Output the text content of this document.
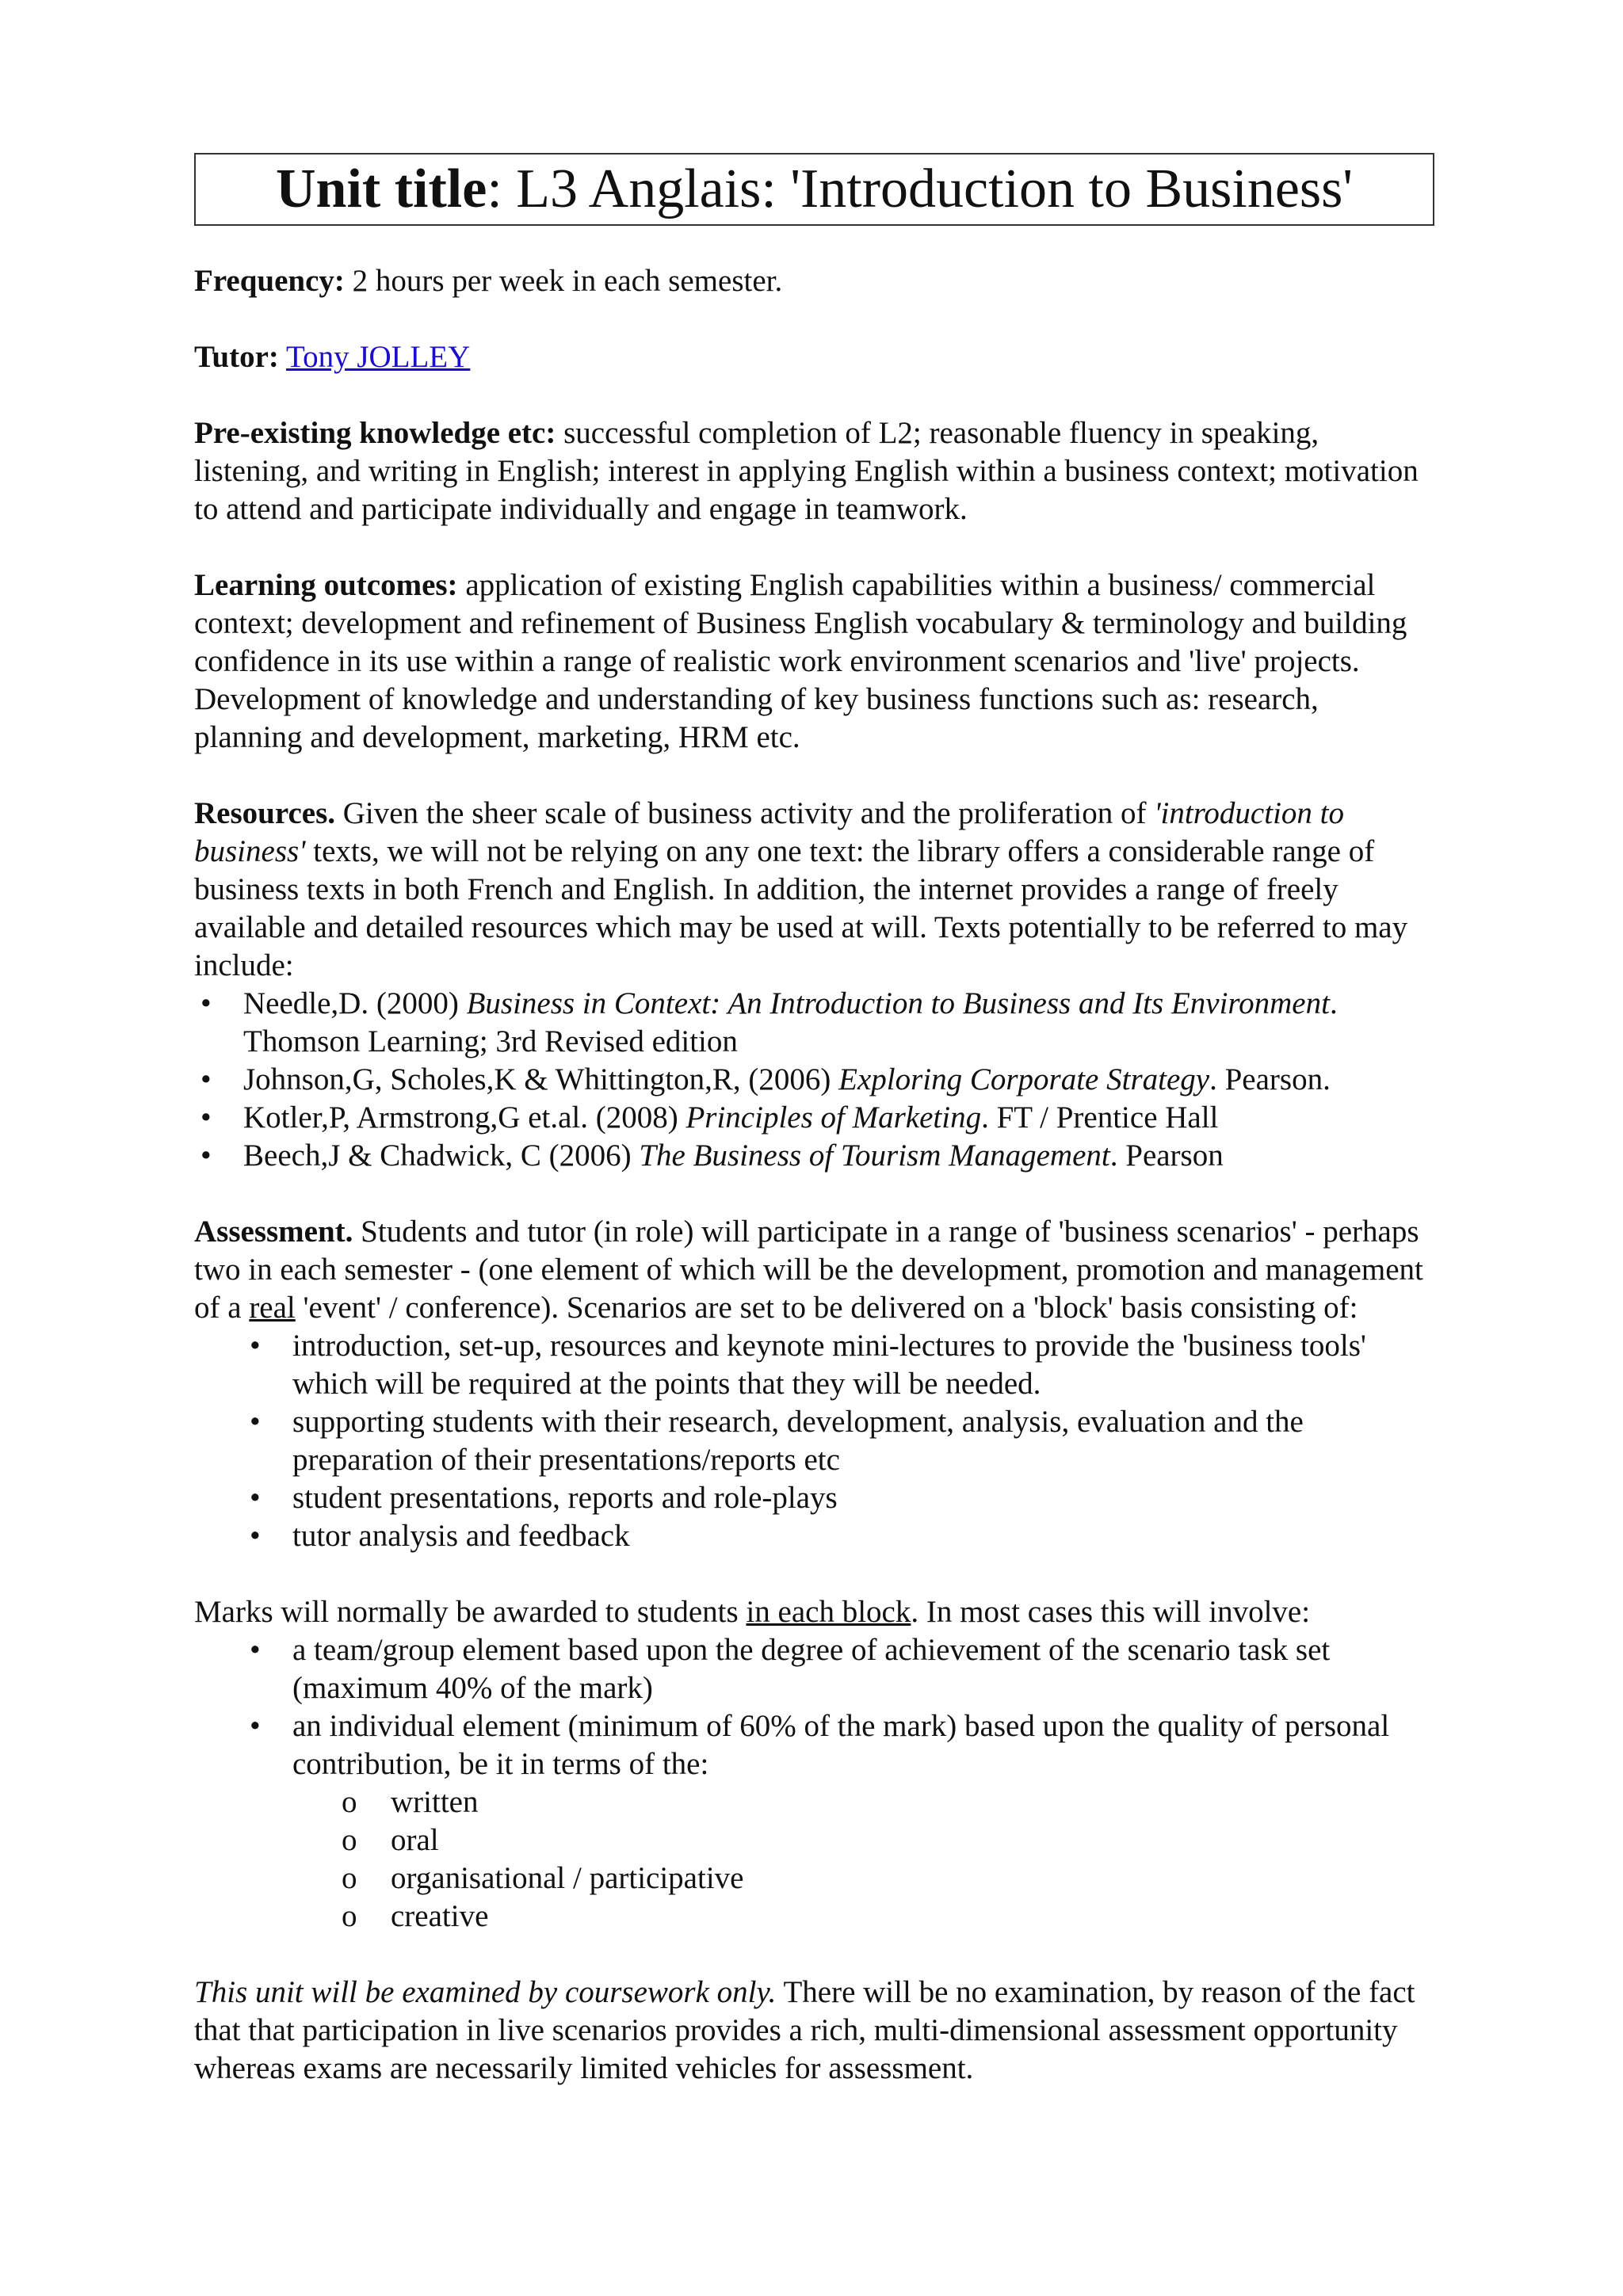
Unit title: L3 Anglais: 'Introduction to Business'

Frequency: 2 hours per week in each semester.

Tutor: Tony JOLLEY

Pre-existing knowledge etc: successful completion of L2; reasonable fluency in speaking, listening, and writing in English; interest in applying English within a business context; motivation to attend and participate individually and engage in teamwork.

Learning outcomes: application of existing English capabilities within a business/ commercial context; development and refinement of Business English vocabulary & terminology and building confidence in its use within a range of realistic work environment scenarios and 'live' projects. Development of knowledge and understanding of key business functions such as: research, planning and development, marketing, HRM etc.

Resources. Given the sheer scale of business activity and the proliferation of 'introduction to business' texts, we will not be relying on any one text: the library offers a considerable range of business texts in both French and English. In addition, the internet provides a range of freely available and detailed resources which may be used at will. Texts potentially to be referred to may include:

• Needle,D. (2000) Business in Context: An Introduction to Business and Its Environment. Thomson Learning; 3rd Revised edition
• Johnson,G, Scholes,K & Whittington,R, (2006) Exploring Corporate Strategy. Pearson.
• Kotler,P, Armstrong,G et.al. (2008) Principles of Marketing. FT / Prentice Hall
• Beech,J & Chadwick, C (2006) The Business of Tourism Management. Pearson

Assessment. Students and tutor (in role) will participate in a range of 'business scenarios' - perhaps two in each semester - (one element of which will be the development, promotion and management of a real 'event' / conference). Scenarios are set to be delivered on a 'block' basis consisting of:

• introduction, set-up, resources and keynote mini-lectures to provide the 'business tools' which will be required at the points that they will be needed.
• supporting students with their research, development, analysis, evaluation and the preparation of their presentations/reports etc
• student presentations, reports and role-plays
• tutor analysis and feedback

Marks will normally be awarded to students in each block. In most cases this will involve:

• a team/group element based upon the degree of achievement of the scenario task set (maximum 40% of the mark)
• an individual element (minimum of 60% of the mark) based upon the quality of personal contribution, be it in terms of the:
o written
o oral
o organisational / participative
o creative

This unit will be examined by coursework only. There will be no examination, by reason of the fact that that participation in live scenarios provides a rich, multi-dimensional assessment opportunity whereas exams are necessarily limited vehicles for assessment.
